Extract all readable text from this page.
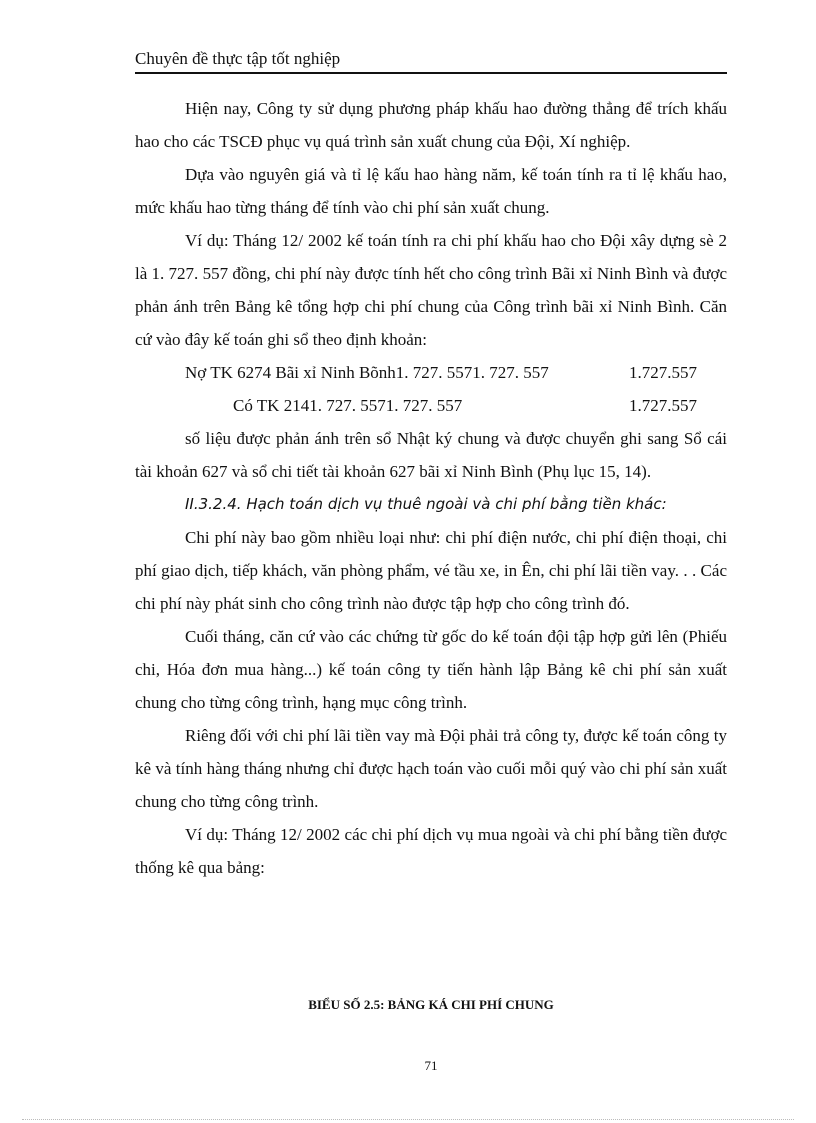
Chuyên đề thực tập tốt nghiệp

Hiện nay, Công ty sử dụng phương pháp khấu hao đường thẳng để trích khấu hao cho các TSCĐ phục vụ quá trình sản xuất chung của Đội, Xí nghiệp.

Dựa vào nguyên giá và tỉ lệ kấu hao hàng năm, kế toán tính ra tỉ lệ khấu hao, mức khấu hao từng tháng để tính vào chi phí sản xuất chung.

Ví dụ: Tháng 12/ 2002 kế toán tính ra chi phí khấu hao cho Đội xây dựng sè 2 là 1. 727. 557 đồng, chi phí này được tính hết cho công trình Bãi xỉ Ninh Bình và được phản ánh trên Bảng kê tổng hợp chi phí chung của Công trình bãi xỉ Ninh Bình. Căn cứ vào đây kế toán ghi sổ theo định khoản:

Nợ TK 6274 Bãi xỉ Ninh Bõnh1. 727. 5571. 727. 557	1.727.557
Có TK 2141. 727. 5571. 727. 557	1.727.557

số liệu được phản ánh trên sổ Nhật ký chung và được chuyển ghi sang Sổ cái tài khoản 627 và sổ chi tiết tài khoản 627 bãi xỉ Ninh Bình (Phụ lục 15, 14).

II.3.2.4. Hạch toán dịch vụ thuê ngoài và chi phí bằng tiền khác:

Chi phí này bao gồm nhiều loại như: chi phí điện nước, chi phí điện thoại, chi phí giao dịch, tiếp khách, văn phòng phẩm, vé tầu xe, in Ên, chi phí lãi tiền vay. . . Các chi phí này phát sinh cho công trình nào được tập hợp cho công trình đó.

Cuối tháng, căn cứ vào các chứng từ gốc do kế toán đội tập hợp gửi lên (Phiếu chi, Hóa đơn mua hàng...) kế toán công ty tiến hành lập Bảng kê chi phí sản xuất chung cho từng công trình, hạng mục công trình.

Riêng đối với chi phí lãi tiền vay mà Đội phải trả công ty, được kế toán công ty kê và tính hàng tháng nhưng chỉ được hạch toán vào cuối mỗi quý vào chi phí sản xuất chung cho từng công trình.

Ví dụ: Tháng 12/ 2002 các chi phí dịch vụ mua ngoài và chi phí bằng tiền được thống kê qua bảng:

BIỂU SỐ 2.5: BẢNG KÁ CHI PHÍ CHUNG
71
